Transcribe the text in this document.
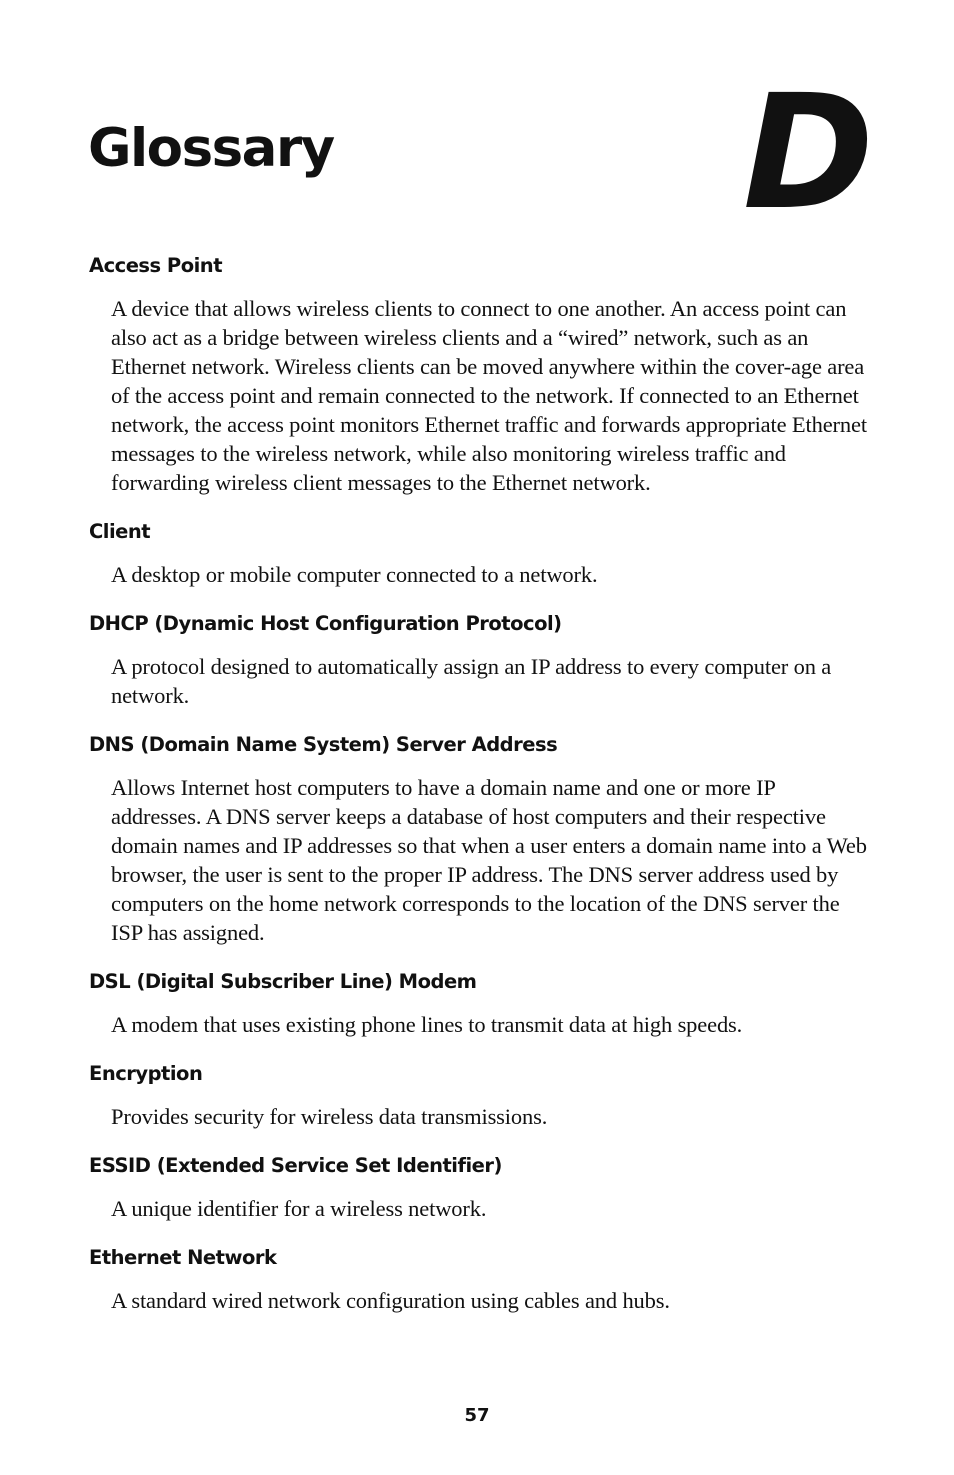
Glossary	D
Access Point

A device that allows wireless clients to connect to one another. An access point can also act as a bridge between wireless clients and a “wired” network, such as an Ethernet network. Wireless clients can be moved anywhere within the cover-age area of the access point and remain connected to the network. If connected to an Ethernet network, the access point monitors Ethernet traffic and forwards appropriate Ethernet messages to the wireless network, while also monitoring wireless traffic and forwarding wireless client messages to the Ethernet network.

Client

A desktop or mobile computer connected to a network.

DHCP (Dynamic Host Configuration Protocol)

A protocol designed to automatically assign an IP address to every computer on a network.

DNS (Domain Name System) Server Address

Allows Internet host computers to have a domain name and one or more IP addresses. A DNS server keeps a database of host computers and their respective domain names and IP addresses so that when a user enters a domain name into a Web browser, the user is sent to the proper IP address. The DNS server address used by computers on the home network corresponds to the location of the DNS server the ISP has assigned.

DSL (Digital Subscriber Line) Modem

A modem that uses existing phone lines to transmit data at high speeds.

Encryption

Provides security for wireless data transmissions.

ESSID (Extended Service Set Identifier)

A unique identifier for a wireless network.

Ethernet Network

A standard wired network configuration using cables and hubs.

57
